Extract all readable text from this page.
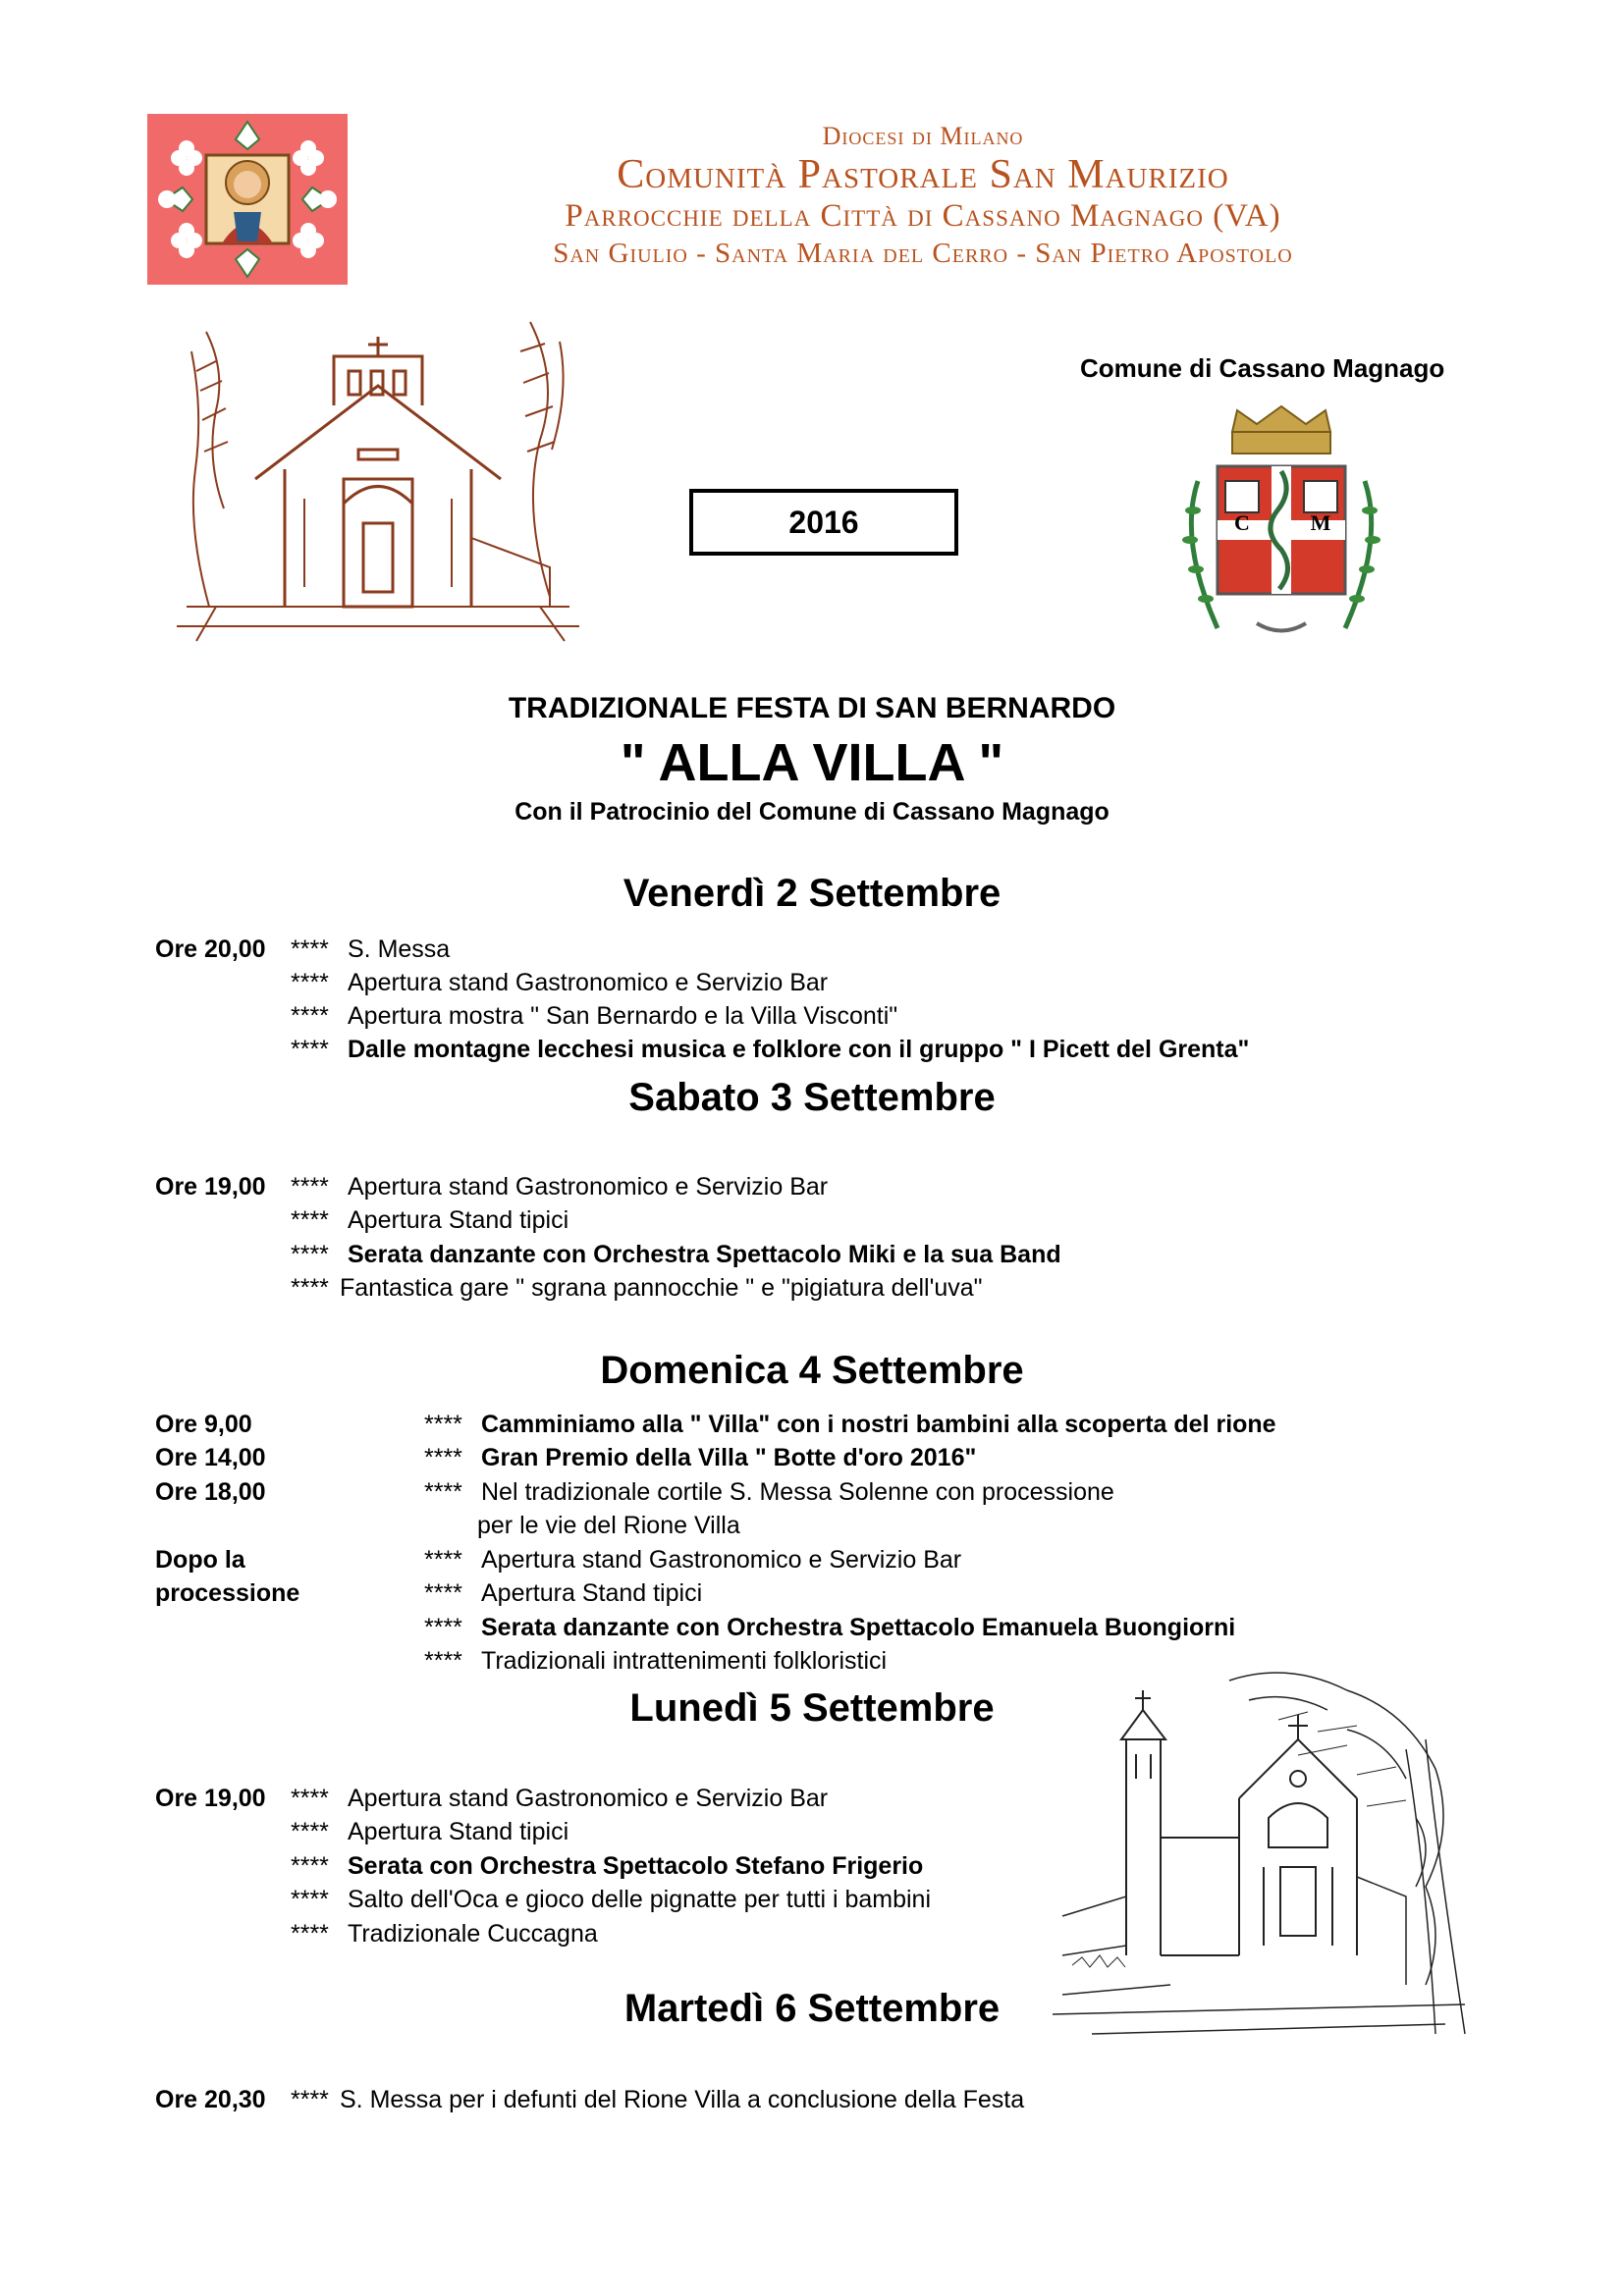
Diocesi di Milano
Comunità Pastorale San Maurizio
Parrocchie della Città di Cassano Magnago (VA)
San Giulio - Santa Maria del Cerro - San Pietro Apostolo
2016
Comune di Cassano Magnago
C	M
TRADIZIONALE FESTA DI SAN BERNARDO
" ALLA VILLA "
Con il Patrocinio del Comune di Cassano Magnago
Venerdì 2 Settembre
Ore 20,00 **** S. Messa
**** Apertura stand Gastronomico e Servizio Bar
**** Apertura mostra " San Bernardo e la Villa Visconti"
**** Dalle montagne lecchesi musica e folklore con il gruppo " I Picett del Grenta"
Sabato 3 Settembre
Ore 19,00 **** Apertura stand Gastronomico e Servizio Bar
**** Apertura Stand tipici
**** Serata danzante con Orchestra Spettacolo Miki e la sua Band
**** Fantastica gare " sgrana pannocchie " e "pigiatura dell'uva"
Domenica 4 Settembre
Ore 9,00
Ore 14,00
Ore 18,00
Dopo la
processione
**** Camminiamo alla " Villa" con i nostri bambini alla scoperta del rione
**** Gran Premio della Villa " Botte d'oro 2016"
**** Nel tradizionale cortile S. Messa Solenne con processione
per le vie del Rione Villa
**** Apertura stand Gastronomico e Servizio Bar
**** Apertura Stand tipici
**** Serata danzante con Orchestra Spettacolo Emanuela Buongiorni
**** Tradizionali intrattenimenti folkloristici
Lunedì 5 Settembre
Ore 19,00 **** Apertura stand Gastronomico e Servizio Bar
**** Apertura Stand tipici
**** Serata con Orchestra Spettacolo Stefano Frigerio
**** Salto dell'Oca e gioco delle pignatte per tutti i bambini
**** Tradizionale Cuccagna
Martedì 6 Settembre
Ore 20,30 **** S. Messa per i defunti del Rione Villa a conclusione della Festa
